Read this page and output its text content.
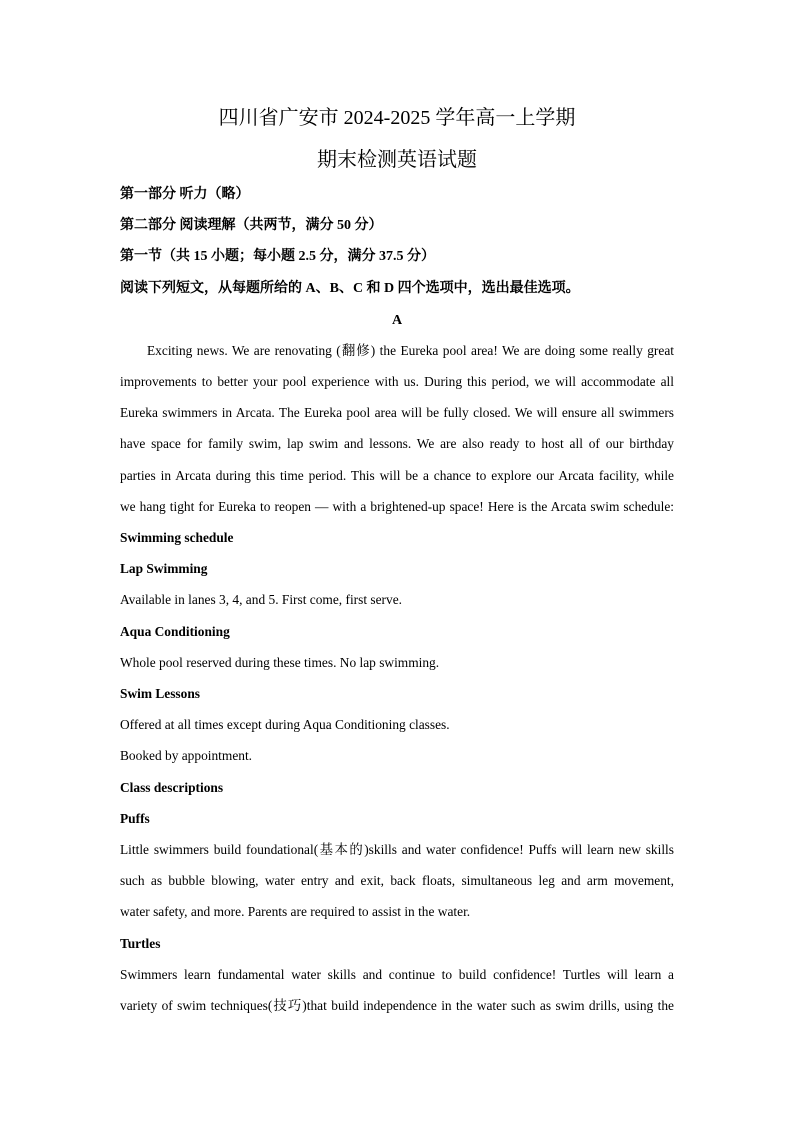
四川省广安市 2024-2025 学年高一上学期
期末检测英语试题
第一部分 听力（略）
第二部分 阅读理解（共两节，满分 50 分）
第一节（共 15 小题；每小题 2.5 分，满分 37.5 分）
阅读下列短文，从每题所给的 A、B、C 和 D 四个选项中，选出最佳选项。
A
Exciting news. We are renovating (翻修) the Eureka pool area! We are doing some really great
improvements to better your pool experience with us. During this period, we will accommodate all
Eureka swimmers in Arcata. The Eureka pool area will be fully closed. We will ensure all swimmers
have space for family swim, lap swim and lessons. We are also ready to host all of our birthday
parties in Arcata during this time period. This will be a chance to explore our Arcata facility, while
we hang tight for Eureka to reopen — with a brightened-up space! Here is the Arcata swim schedule:
Swimming schedule
Lap Swimming
Available in lanes 3, 4, and 5. First come, first serve.
Aqua Conditioning
Whole pool reserved during these times. No lap swimming.
Swim Lessons
Offered at all times except during Aqua Conditioning classes.
Booked by appointment.
Class descriptions
Puffs
Little swimmers build foundational(基本的)skills and water confidence! Puffs will learn new skills
such as bubble blowing, water entry and exit, back floats, simultaneous leg and arm movement,
water safety, and more. Parents are required to assist in the water.
Turtles
Swimmers learn fundamental water skills and continue to build confidence! Turtles will learn a
variety of swim techniques(技巧)that build independence in the water such as swim drills, using the
